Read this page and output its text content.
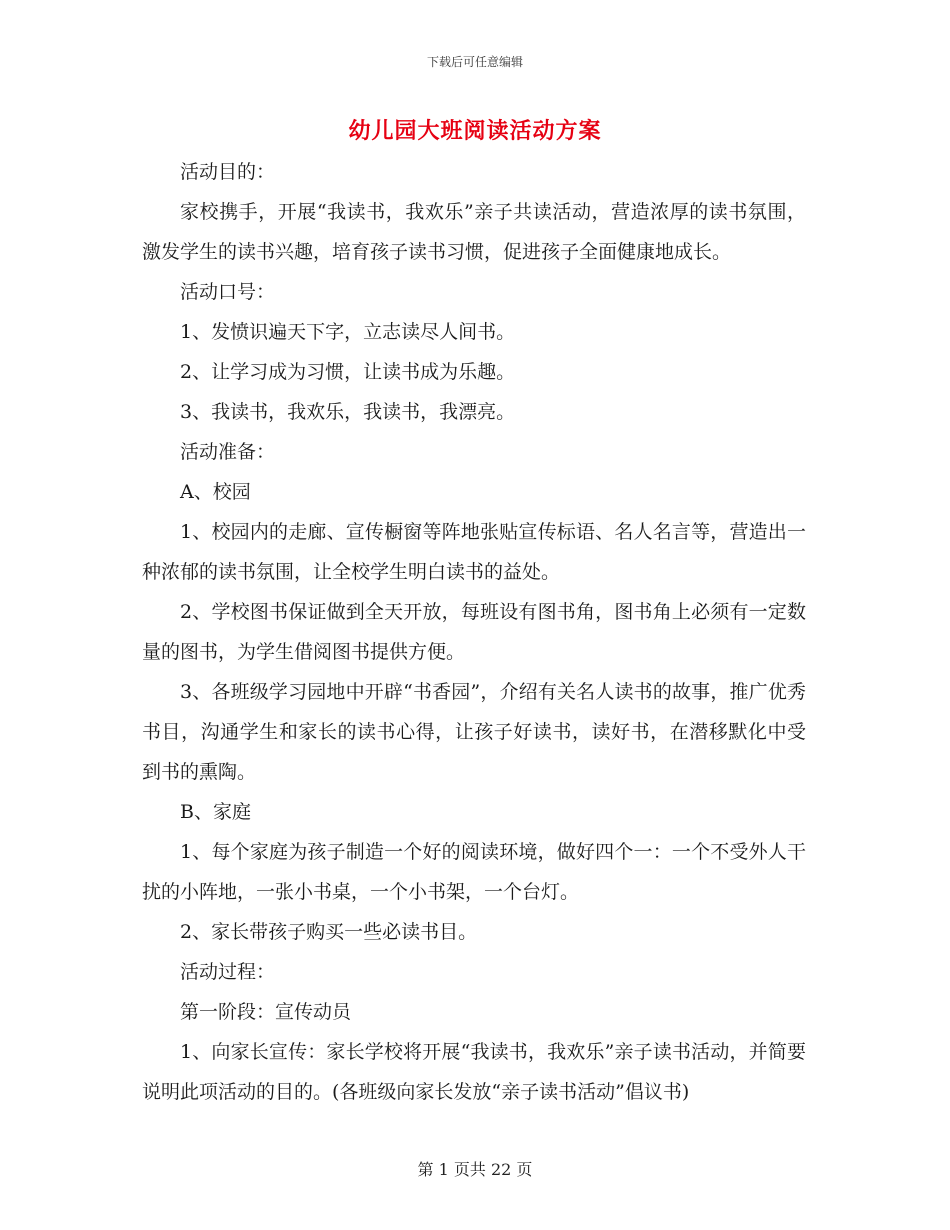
下载后可任意编辑
幼儿园大班阅读活动方案

活动目的：

家校携手，开展“我读书，我欢乐”亲子共读活动，营造浓厚的读书氛围，激发学生的读书兴趣，培育孩子读书习惯，促进孩子全面健康地成长。

活动口号：

1、发愤识遍天下字，立志读尽人间书。

2、让学习成为习惯，让读书成为乐趣。

3、我读书，我欢乐，我读书，我漂亮。

活动准备：

A、校园

1、校园内的走廊、宣传橱窗等阵地张贴宣传标语、名人名言等，营造出一种浓郁的读书氛围，让全校学生明白读书的益处。

2、学校图书保证做到全天开放，每班设有图书角，图书角上必须有一定数量的图书，为学生借阅图书提供方便。

3、各班级学习园地中开辟“书香园”，介绍有关名人读书的故事，推广优秀书目，沟通学生和家长的读书心得，让孩子好读书，读好书，在潜移默化中受到书的熏陶。

B、家庭

1、每个家庭为孩子制造一个好的阅读环境，做好四个一：一个不受外人干扰的小阵地，一张小书桌，一个小书架，一个台灯。

2、家长带孩子购买一些必读书目。

活动过程：

第一阶段：宣传动员

1、向家长宣传：家长学校将开展“我读书，我欢乐”亲子读书活动，并简要说明此项活动的目的。(各班级向家长发放“亲子读书活动”倡议书)

第 1 页共 22 页
